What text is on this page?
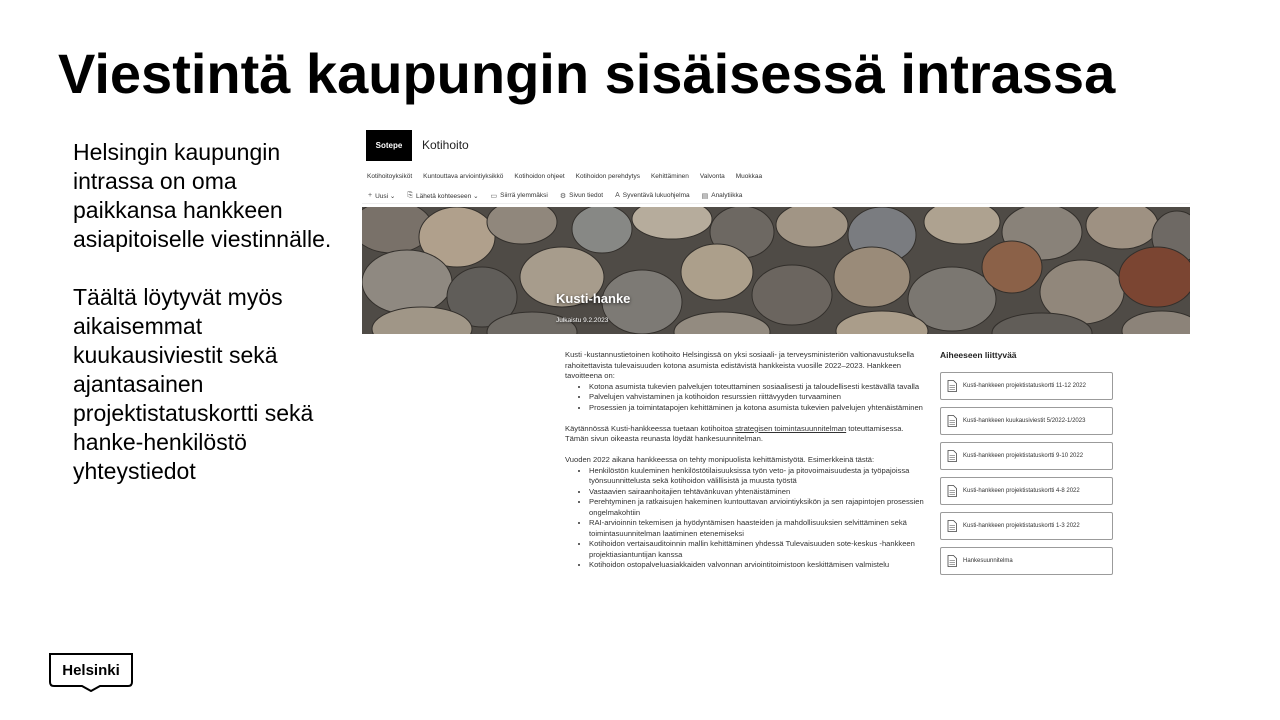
Viestintä kaupungin sisäisessä intrassa

Helsingin kaupungin intrassa on oma paikkansa hankkeen asiapitoiselle viestinnälle.

Täältä löytyvät myös aikaisemmat kuukausiviestit sekä ajantasainen projektistatuskortti sekä hanke-henkilöstö yhteystiedot

Helsinki
Sotepe	Kotihoito
Kotihoitoyksiköt Kuntouttava arviointiyksikkö Kotihoidon ohjeet Kotihoidon perehdytys Kehittäminen Valvonta Muokkaa
+ Uusi ⌄ ⎘ Lähetä kohteeseen ⌄ ▭ Siirrä ylemmäksi ⚙ Sivun tiedot A Syventävä lukuohjelma ▤ Analytiikka
Kusti-hanke
Julkaistu 9.2.2023

Kusti -kustannustietoinen kotihoito Helsingissä on yksi sosiaali- ja terveysministeriön valtionavustuksella rahoitettavista tulevaisuuden kotona asumista edistävistä hankkeista vuosille 2022–2023. Hankkeen tavoitteena on:

• Kotona asumista tukevien palvelujen toteuttaminen sosiaalisesti ja taloudellisesti kestävällä tavalla
• Palvelujen vahvistaminen ja kotihoidon resurssien riittävyyden turvaaminen
• Prosessien ja toimintatapojen kehittäminen ja kotona asumista tukevien palvelujen yhtenäistäminen

Käytännössä Kusti-hankkeessa tuetaan kotihoitoa strategisen toimintasuunnitelman toteuttamisessa. Tämän sivun oikeasta reunasta löydät hankesuunnitelman.

Vuoden 2022 aikana hankkeessa on tehty monipuolista kehittämistyötä. Esimerkkeinä tästä:

• Henkilöstön kuuleminen henkilöstötilaisuuksissa työn veto- ja pitovoimaisuudesta ja työpajoissa työnsuunnittelusta sekä kotihoidon välillisistä ja muusta työstä
• Vastaavien sairaanhoitajien tehtävänkuvan yhtenäistäminen
• Perehtyminen ja ratkaisujen hakeminen kuntouttavan arviointiyksikön ja sen rajapintojen prosessien ongelmakohtiin
• RAI-arvioinnin tekemisen ja hyödyntämisen haasteiden ja mahdollisuuksien selvittäminen sekä toimintasuunnitelman laatiminen etenemiseksi
• Kotihoidon vertaisauditoinnin mallin kehittäminen yhdessä Tulevaisuuden sote-keskus -hankkeen projektiasiantuntijan kanssa
• Kotihoidon ostopalveluasiakkaiden valvonnan arviointitoimistoon keskittämisen valmistelu
Aiheeseen liittyvää
Kusti-hankkeen projektistatuskortti 11-12 2022
Kusti-hankkeen kuukausiviestit 5/2022-1/2023
Kusti-hankkeen projektistatuskortti 9-10 2022
Kusti-hankkeen projektistatuskortti 4-8 2022
Kusti-hankkeen projektistatuskortti 1-3 2022
Hankesuunnitelma
